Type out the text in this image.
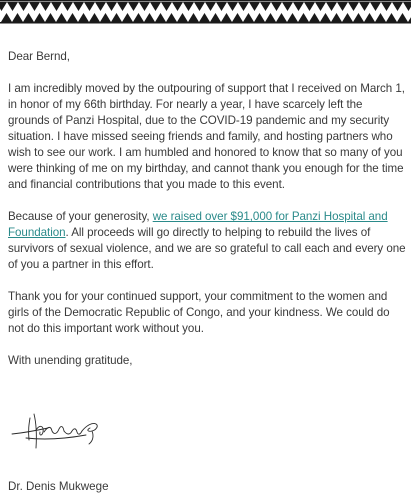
Dear Bernd,

I am incredibly moved by the outpouring of support that I received on March 1, in honor of my 66th birthday. For nearly a year, I have scarcely left the grounds of Panzi Hospital, due to the COVID-19 pandemic and my security situation. I have missed seeing friends and family, and hosting partners who wish to see our work. I am humbled and honored to know that so many of you were thinking of me on my birthday, and cannot thank you enough for the time and financial contributions that you made to this event.

Because of your generosity, we raised over $91,000 for Panzi Hospital and Foundation. All proceeds will go directly to helping to rebuild the lives of survivors of sexual violence, and we are so grateful to call each and every one of you a partner in this effort.

Thank you for your continued support, your commitment to the women and girls of the Democratic Republic of Congo, and your kindness. We could do not do this important work without you.

With unending gratitude,

Dr. Denis Mukwege
